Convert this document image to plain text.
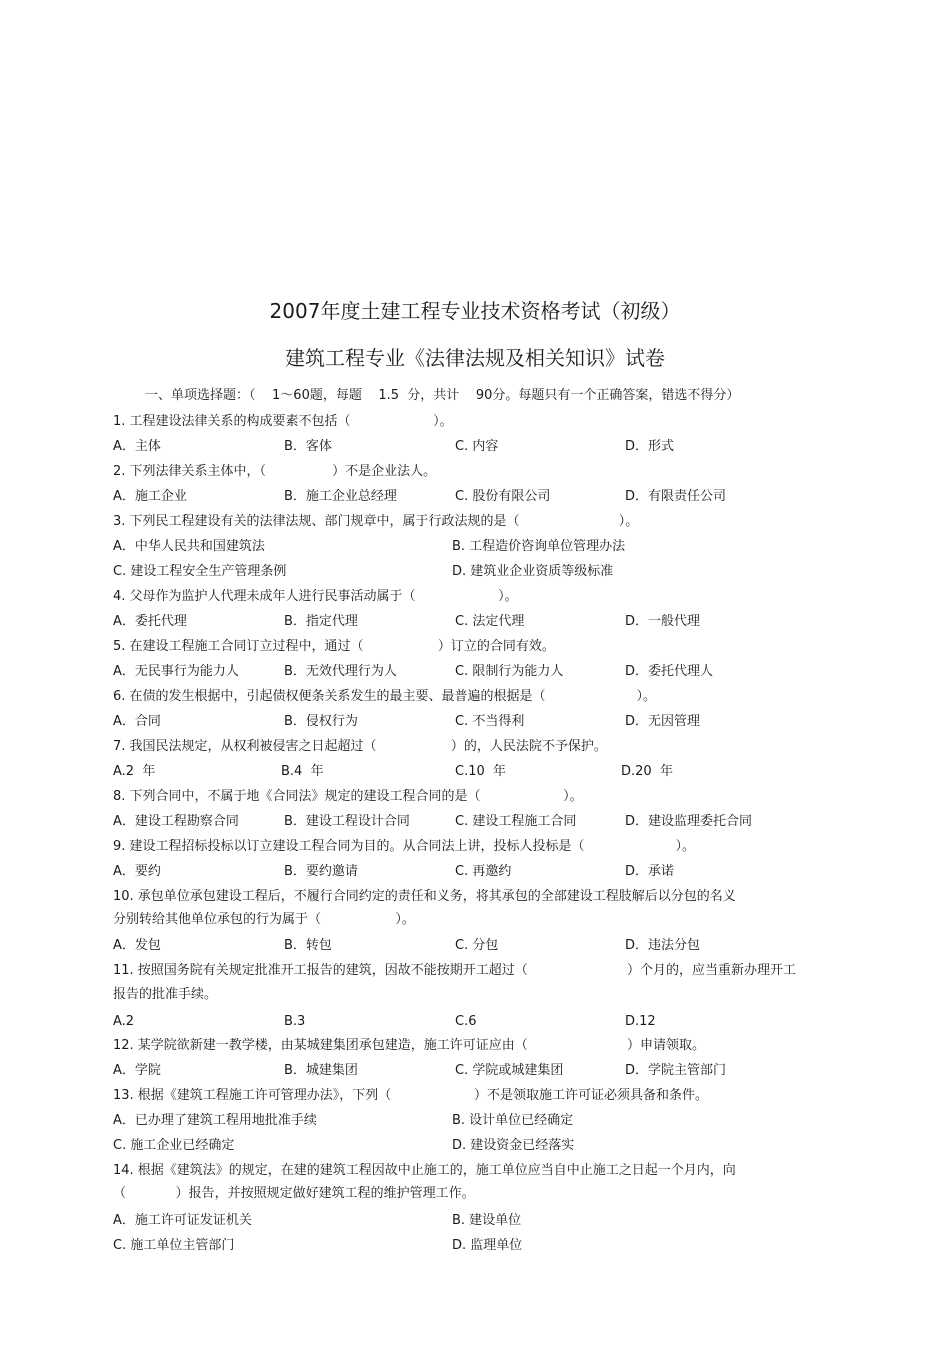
2007年度土建工程专业技术资格考试（初级）
建筑工程专业《法律法规及相关知识》试卷
一、单项选择题：（    1～60题，每题    1.5  分，共计    90分。每题只有一个正确答案，错选不得分）
1. 工程建设法律关系的构成要素不包括（                    ）。
A．主体	B．客体	C. 内容	D．形式
2. 下列法律关系主体中，（                ）不是企业法人。
A．施工企业	B．施工企业总经理	C. 股份有限公司	D．有限责任公司
3. 下列民工程建设有关的法律法规、部门规章中，属于行政法规的是（                        ）。
A．中华人民共和国建筑法	B. 工程造价咨询单位管理办法
C. 建设工程安全生产管理条例	D. 建筑业企业资质等级标准
4. 父母作为监护人代理未成年人进行民事活动属于（                    ）。
A．委托代理	B．指定代理	C. 法定代理	D．一般代理
5. 在建设工程施工合同订立过程中，通过（                  ）订立的合同有效。
A．无民事行为能力人	B．无效代理行为人	C. 限制行为能力人	D．委托代理人
6. 在债的发生根据中，引起债权便条关系发生的最主要、最普遍的根据是（                      ）。
A．合同	B．侵权行为	C. 不当得利	D．无因管理
7. 我国民法规定，从权利被侵害之日起超过（                  ）的，人民法院不予保护。
A.2  年	B.4  年	C.10  年	D.20  年
8. 下列合同中，不属于地《合同法》规定的建设工程合同的是（                    ）。
A．建设工程勘察合同	B．建设工程设计合同	C. 建设工程施工合同	D．建设监理委托合同
9. 建设工程招标投标以订立建设工程合同为目的。从合同法上讲，投标人投标是（                      ）。
A．要约	B．要约邀请	C. 再邀约	D．承诺
10. 承包单位承包建设工程后，不履行合同约定的责任和义务，将其承包的全部建设工程肢解后以分包的名义
分别转给其他单位承包的行为属于（                  ）。
A．发包	B．转包	C. 分包	D．违法分包
11. 按照国务院有关规定批准开工报告的建筑，因故不能按期开工超过（                        ）个月的，应当重新办理开工
报告的批准手续。
A.2	B.3	C.6	D.12
12. 某学院欲新建一教学楼，由某城建集团承包建造，施工许可证应由（                        ）申请领取。
A．学院	B．城建集团	C. 学院或城建集团	D．学院主管部门
13. 根据《建筑工程施工许可管理办法》，下列（                    ）不是领取施工许可证必须具备和条件。
A．已办理了建筑工程用地批准手续	B. 设计单位已经确定
C. 施工企业已经确定	D. 建设资金已经落实
14. 根据《建筑法》的规定，在建的建筑工程因故中止施工的，施工单位应当自中止施工之日起一个月内，向
（            ）报告，并按照规定做好建筑工程的维护管理工作。
A．施工许可证发证机关	B. 建设单位
C. 施工单位主管部门	D. 监理单位
